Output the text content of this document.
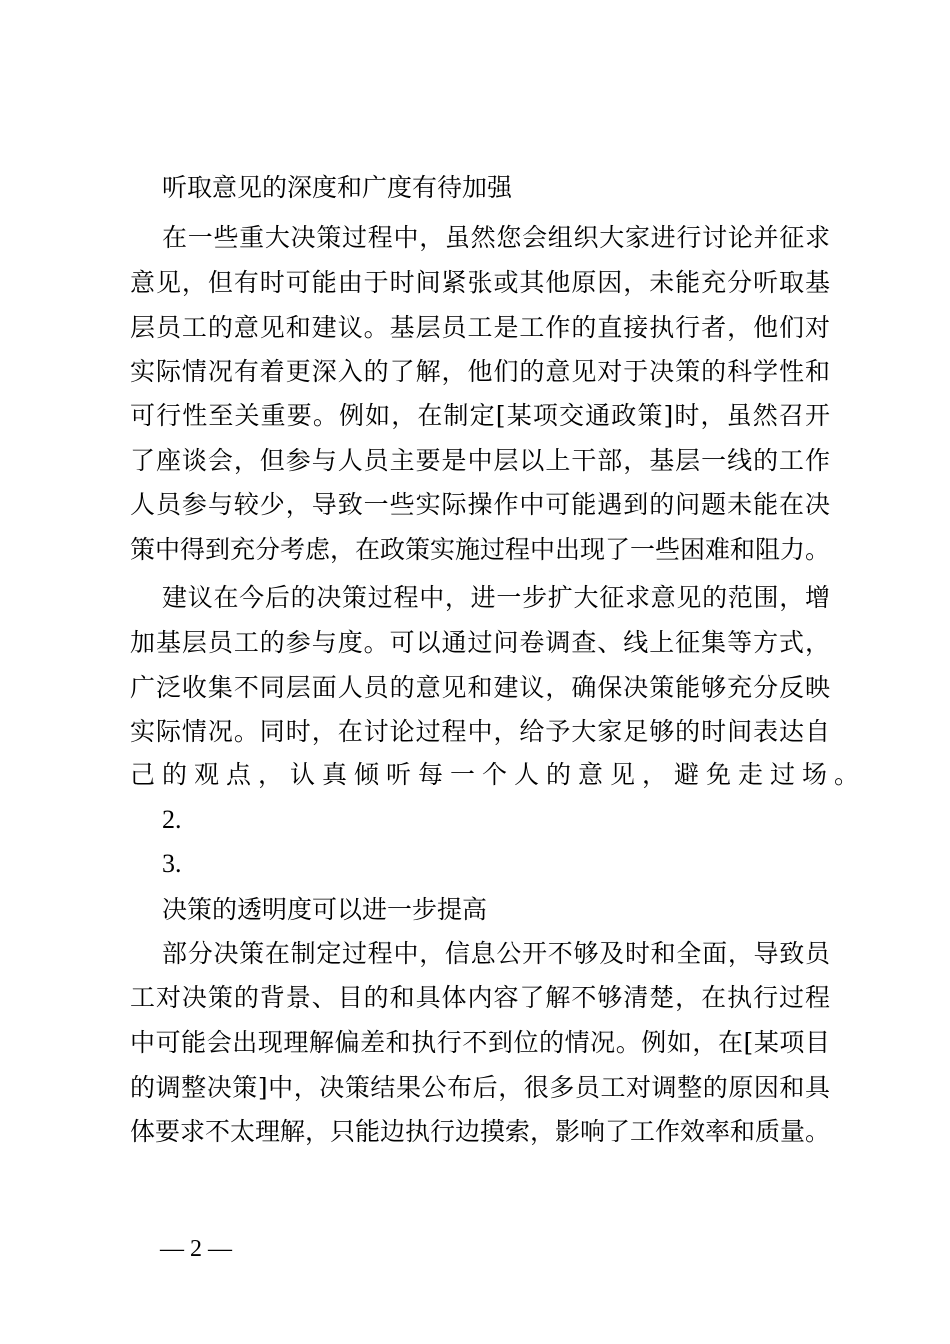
听取意见的深度和广度有待加强
在一些重大决策过程中，虽然您会组织大家进行讨论并征求
意见，但有时可能由于时间紧张或其他原因，未能充分听取基
层员工的意见和建议。基层员工是工作的直接执行者，他们对
实际情况有着更深入的了解，他们的意见对于决策的科学性和
可行性至关重要。例如，在制定[某项交通政策]时，虽然召开
了座谈会，但参与人员主要是中层以上干部，基层一线的工作
人员参与较少，导致一些实际操作中可能遇到的问题未能在决
策中得到充分考虑，在政策实施过程中出现了一些困难和阻力。
建议在今后的决策过程中，进一步扩大征求意见的范围，增
加基层员工的参与度。可以通过问卷调查、线上征集等方式，
广泛收集不同层面人员的意见和建议，确保决策能够充分反映
实际情况。同时，在讨论过程中，给予大家足够的时间表达自
己的观点，认真倾听每一个人的意见，避免走过场。
2.
3.
决策的透明度可以进一步提高
部分决策在制定过程中，信息公开不够及时和全面，导致员
工对决策的背景、目的和具体内容了解不够清楚，在执行过程
中可能会出现理解偏差和执行不到位的情况。例如，在[某项目
的调整决策]中，决策结果公布后，很多员工对调整的原因和具
体要求不太理解，只能边执行边摸索，影响了工作效率和质量。
— 2 —
